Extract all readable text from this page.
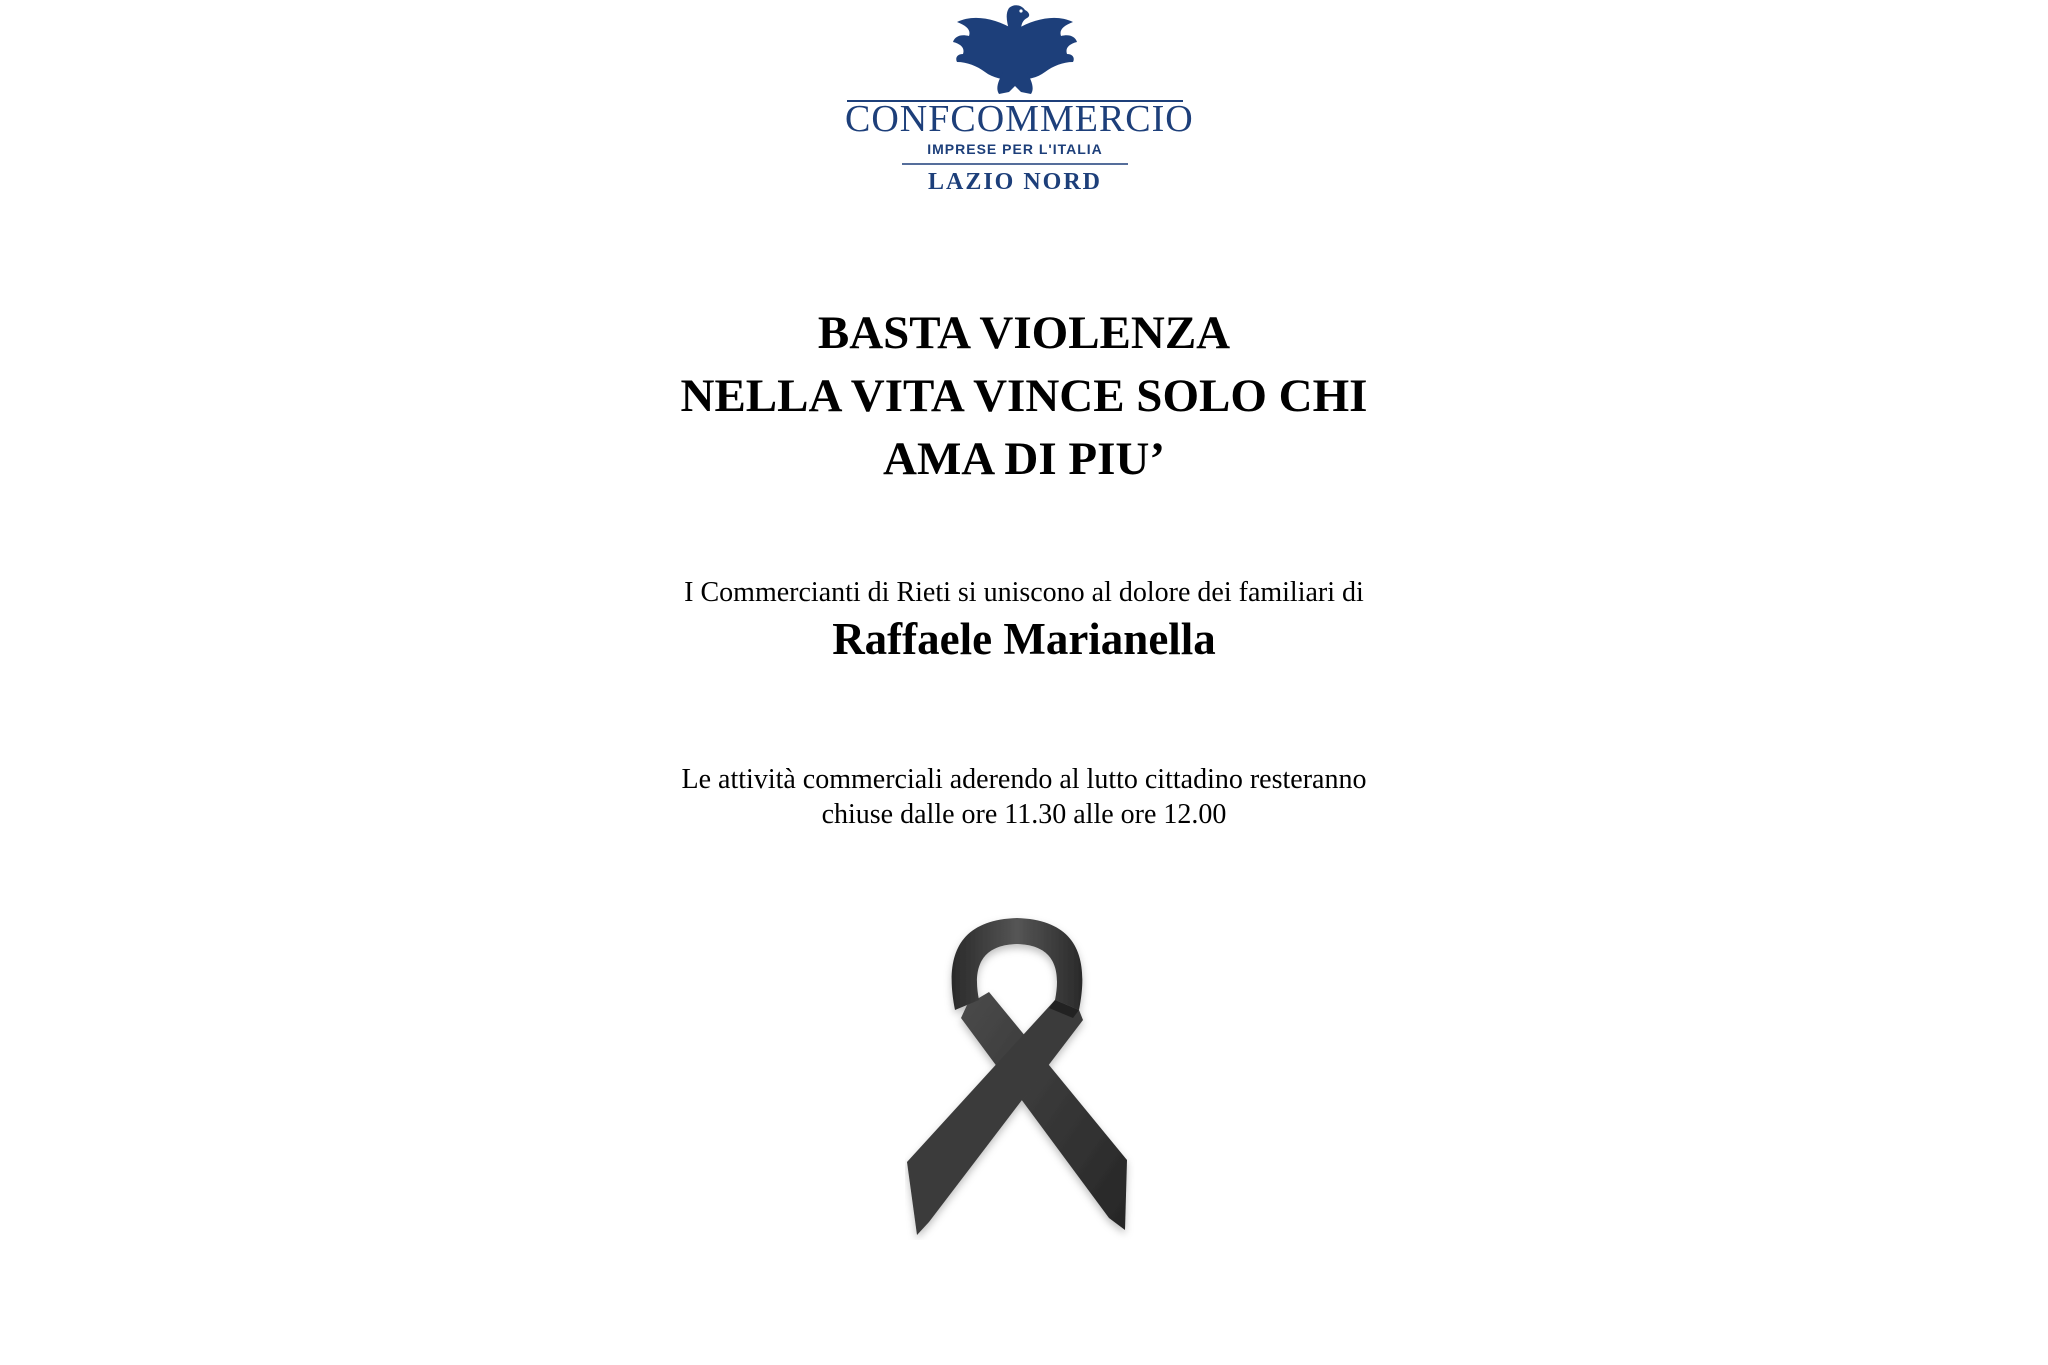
CONFCOMMERCIO
IMPRESE PER L'ITALIA
LAZIO NORD
BASTA VIOLENZA
NELLA VITA VINCE SOLO CHI
AMA DI PIU’
I Commercianti di Rieti si uniscono al dolore dei familiari di
Raffaele Marianella
Le attività commerciali aderendo al lutto cittadino resteranno
chiuse dalle ore 11.30 alle ore 12.00
